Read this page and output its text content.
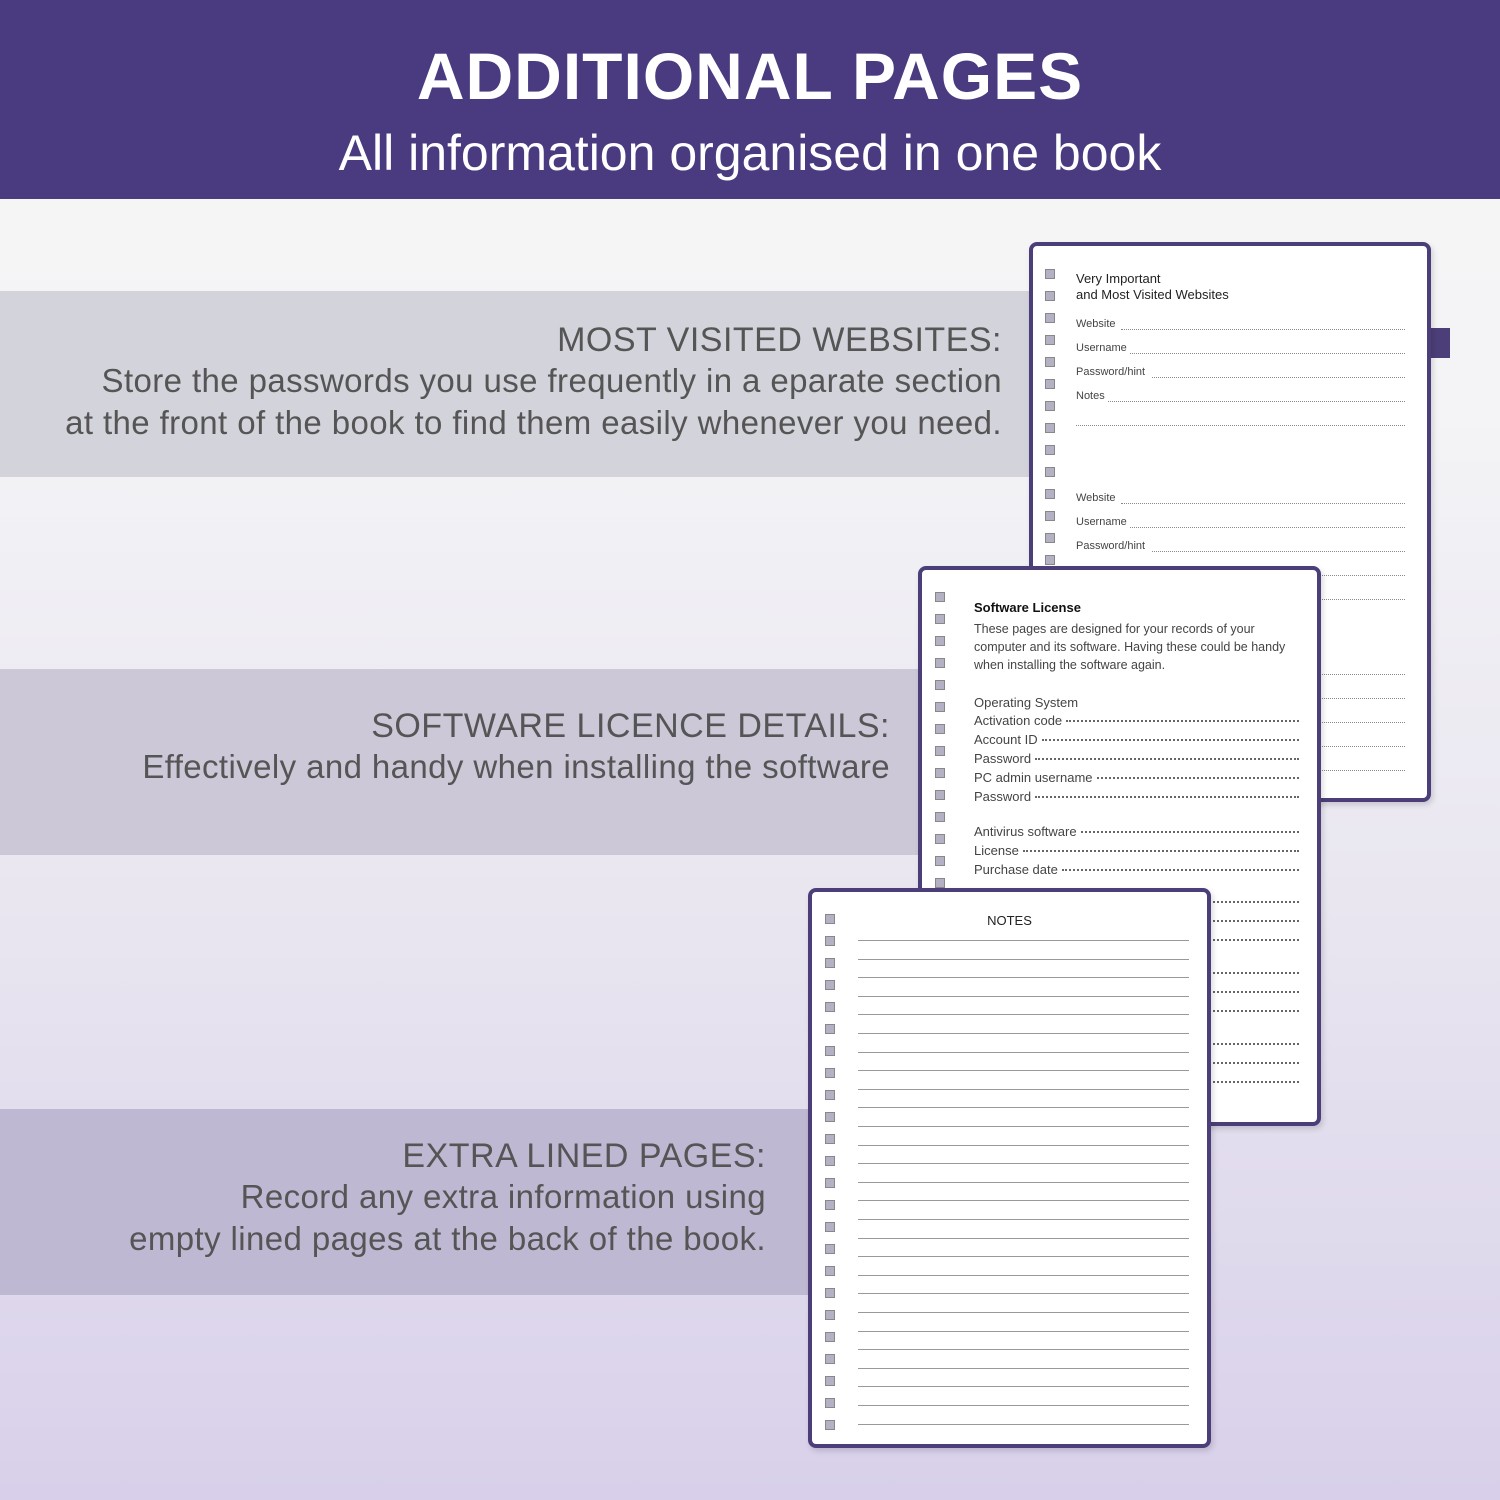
ADDITIONAL PAGES
All information organised in one book
MOST VISITED WEBSITES:
Store the passwords you use frequently in a eparate section
at the front of the book to find them easily whenever you need.
SOFTWARE LICENCE DETAILS:
Effectively and handy when installing the software
EXTRA LINED PAGES:
Record any extra information using
empty lined pages at the back of the book.
Very Important
and Most Visited Websites
Website
Username
Password/hint
Notes
Website
Username
Password/hint
Software License
These pages are designed for your records of your
computer and its software. Having these could be handy
when installing the software again.
Operating System
Activation code
Account ID
Password
PC admin username
Password
Antivirus software
License
Purchase date
NOTES
